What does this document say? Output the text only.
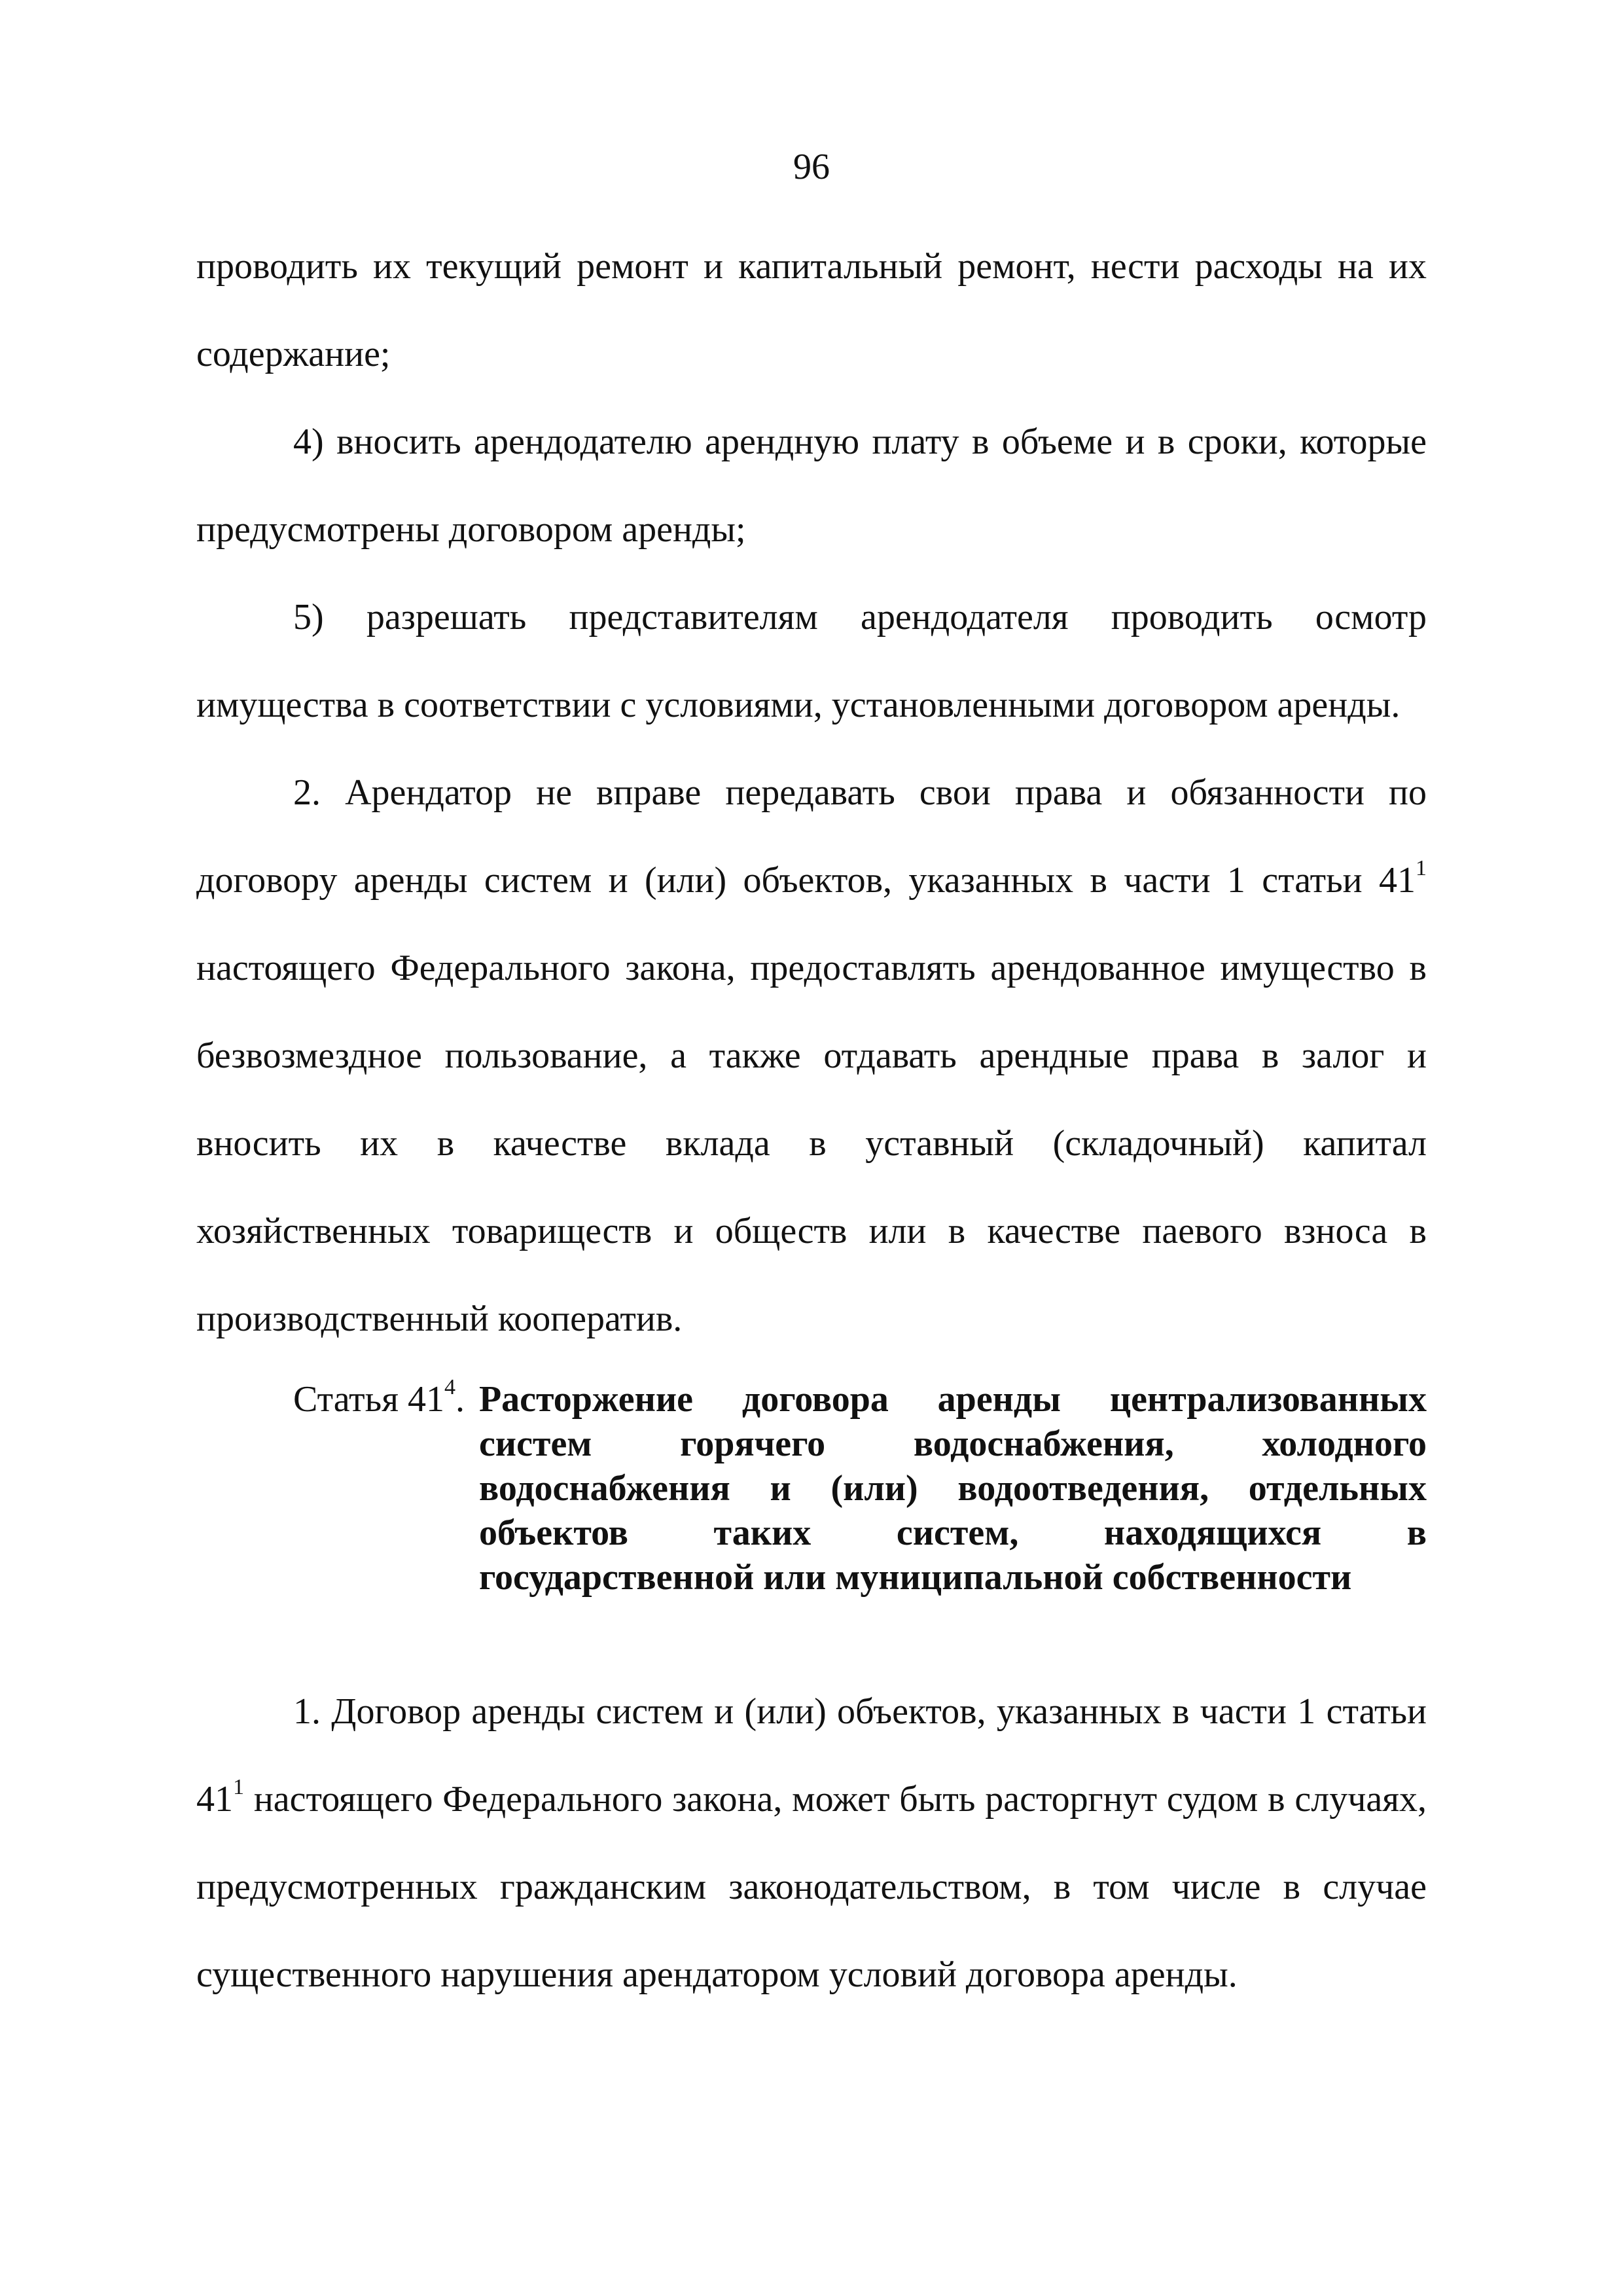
96

проводить их текущий ремонт и капитальный ремонт, нести расходы на их содержание;

4) вносить арендодателю арендную плату в объеме и в сроки, которые предусмотрены договором аренды;

5) разрешать представителям арендодателя проводить осмотр имущества в соответствии с условиями, установленными договором аренды.

2. Арендатор не вправе передавать свои права и обязанности по договору аренды систем и (или) объектов, указанных в части 1 статьи $41^1$ настоящего Федерального закона, предоставлять арендованное имущество в безвозмездное пользование, а также отдавать арендные права в залог и вносить их в качестве вклада в уставный (складочный) капитал хозяйственных товариществ и обществ или в качестве паевого взноса в производственный кооператив.

Статья $41^4$. Расторжение договора аренды централизованных
систем горячего водоснабжения, холодного
водоснабжения и (или) водоотведения, отдельных
объектов таких систем, находящихся в
государственной или муниципальной собственности

1. Договор аренды систем и (или) объектов, указанных в части 1 статьи $41^1$ настоящего Федерального закона, может быть расторгнут судом в случаях, предусмотренных гражданским законодательством, в том числе в случае существенного нарушения арендатором условий договора аренды.
